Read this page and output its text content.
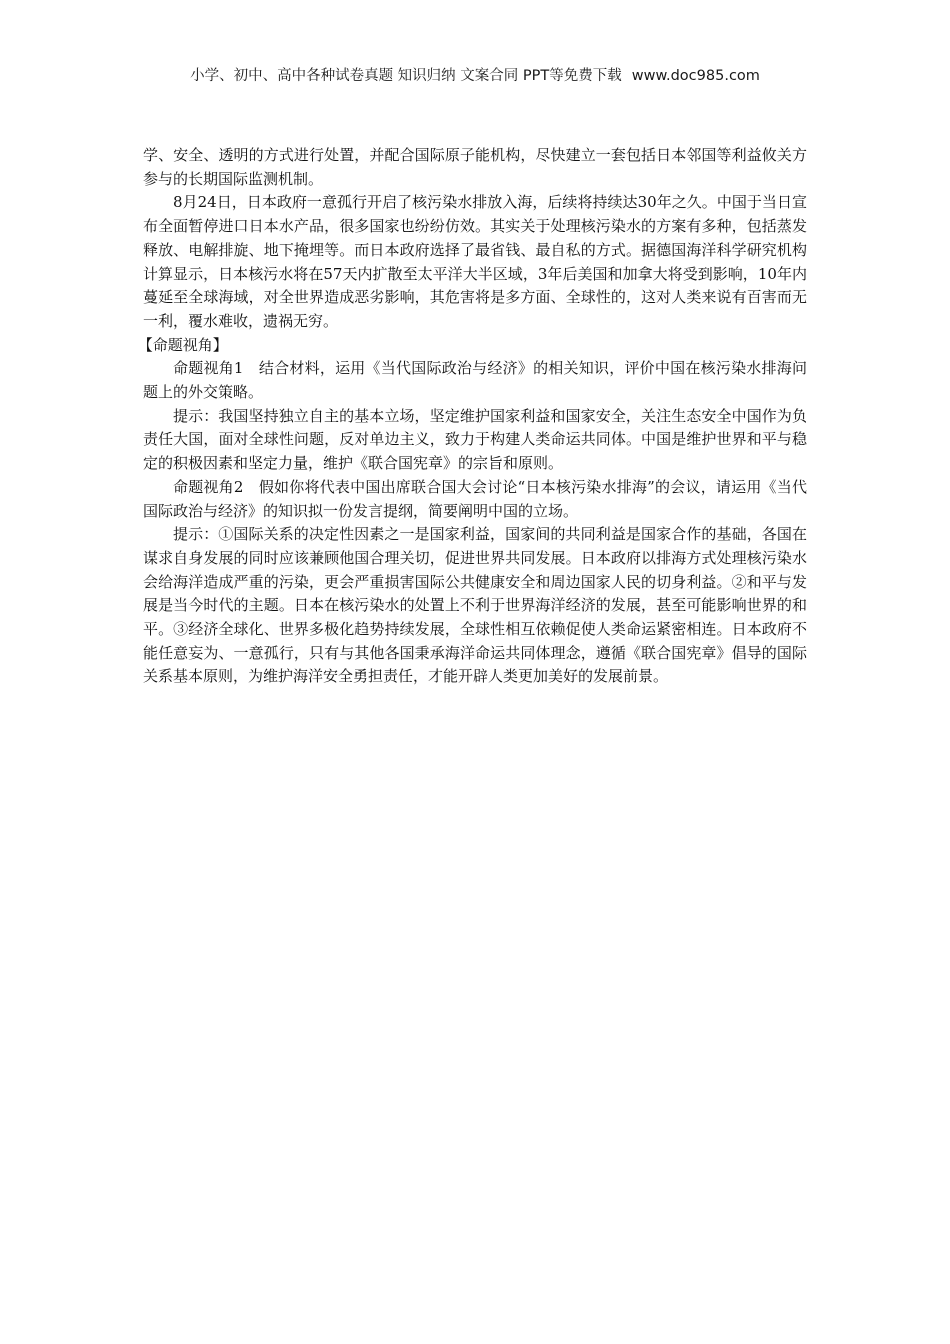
小学、初中、高中各种试卷真题 知识归纳 文案合同 PPT等免费下载 www.doc985.com

学、安全、透明的方式进行处置，并配合国际原子能机构，尽快建立一套包括日本邻国等利益攸关方参与的长期国际监测机制。

8月24日，日本政府一意孤行开启了核污染水排放入海，后续将持续达30年之久。中国于当日宣布全面暂停进口日本水产品，很多国家也纷纷仿效。其实关于处理核污染水的方案有多种，包括蒸发释放、电解排旋、地下掩埋等。而日本政府选择了最省钱、最自私的方式。据德国海洋科学研究机构计算显示，日本核污水将在57天内扩散至太平洋大半区域，3年后美国和加拿大将受到影响，10年内蔓延至全球海域，对全世界造成恶劣影响，其危害将是多方面、全球性的，这对人类来说有百害而无一利，覆水难收，遗祸无穷。

【命题视角】

命题视角1　结合材料，运用《当代国际政治与经济》的相关知识，评价中国在核污染水排海问题上的外交策略。

提示：我国坚持独立自主的基本立场，坚定维护国家利益和国家安全，关注生态安全中国作为负责任大国，面对全球性问题，反对单边主义，致力于构建人类命运共同体。中国是维护世界和平与稳定的积极因素和坚定力量，维护《联合国宪章》的宗旨和原则。

命题视角2　假如你将代表中国出席联合国大会讨论“日本核污染水排海”的会议，请运用《当代国际政治与经济》的知识拟一份发言提纲，简要阐明中国的立场。

提示：①国际关系的决定性因素之一是国家利益，国家间的共同利益是国家合作的基础，各国在谋求自身发展的同时应该兼顾他国合理关切，促进世界共同发展。日本政府以排海方式处理核污染水会给海洋造成严重的污染，更会严重损害国际公共健康安全和周边国家人民的切身利益。②和平与发展是当今时代的主题。日本在核污染水的处置上不利于世界海洋经济的发展，甚至可能影响世界的和平。③经济全球化、世界多极化趋势持续发展，全球性相互依赖促使人类命运紧密相连。日本政府不能任意妄为、一意孤行，只有与其他各国秉承海洋命运共同体理念，遵循《联合国宪章》倡导的国际关系基本原则，为维护海洋安全勇担责任，才能开辟人类更加美好的发展前景。
